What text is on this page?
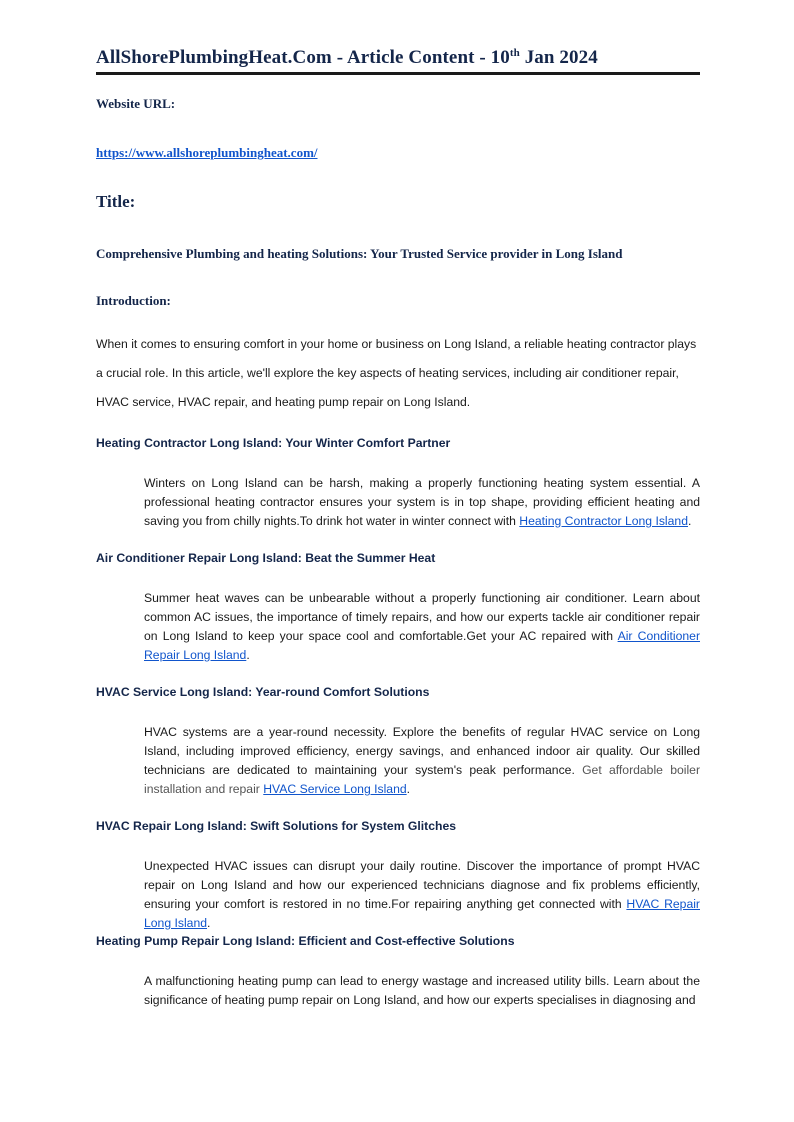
AllShorePlumbingHeat.Com - Article Content - 10th Jan 2024
Website URL:
https://www.allshoreplumbingheat.com/
Title:
Comprehensive Plumbing and heating Solutions: Your Trusted Service provider in Long Island
Introduction:
When it comes to ensuring comfort in your home or business on Long Island, a reliable heating contractor plays a crucial role. In this article, we'll explore the key aspects of heating services, including air conditioner repair, HVAC service, HVAC repair, and heating pump repair on Long Island.
Heating Contractor Long Island: Your Winter Comfort Partner
Winters on Long Island can be harsh, making a properly functioning heating system essential. A professional heating contractor ensures your system is in top shape, providing efficient heating and saving you from chilly nights.To drink hot water in winter connect with Heating Contractor Long Island.
Air Conditioner Repair Long Island: Beat the Summer Heat
Summer heat waves can be unbearable without a properly functioning air conditioner. Learn about common AC issues, the importance of timely repairs, and how our experts tackle air conditioner repair on Long Island to keep your space cool and comfortable.Get your AC repaired with Air Conditioner Repair Long Island.
HVAC Service Long Island: Year-round Comfort Solutions
HVAC systems are a year-round necessity. Explore the benefits of regular HVAC service on Long Island, including improved efficiency, energy savings, and enhanced indoor air quality. Our skilled technicians are dedicated to maintaining your system's peak performance. Get affordable boiler installation and repair HVAC Service Long Island.
HVAC Repair Long Island: Swift Solutions for System Glitches
Unexpected HVAC issues can disrupt your daily routine. Discover the importance of prompt HVAC repair on Long Island and how our experienced technicians diagnose and fix problems efficiently, ensuring your comfort is restored in no time.For repairing anything get connected with HVAC Repair Long Island.
Heating Pump Repair Long Island: Efficient and Cost-effective Solutions
A malfunctioning heating pump can lead to energy wastage and increased utility bills. Learn about the significance of heating pump repair on Long Island, and how our experts specialises in diagnosing and
